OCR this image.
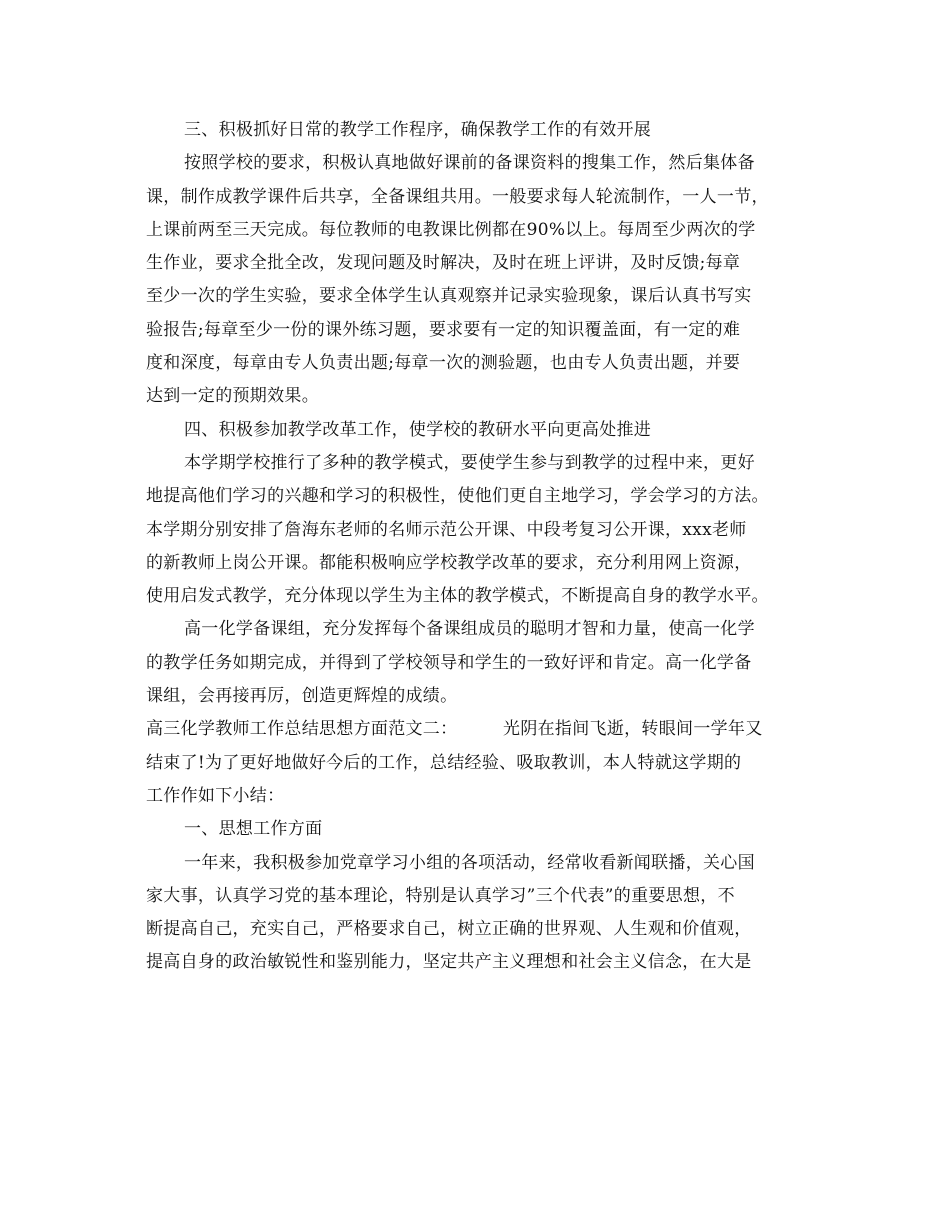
三、积极抓好日常的教学工作程序，确保教学工作的有效开展
按照学校的要求，积极认真地做好课前的备课资料的搜集工作，然后集体备
课，制作成教学课件后共享，全备课组共用。一般要求每人轮流制作，一人一节，
上课前两至三天完成。每位教师的电教课比例都在90%以上。每周至少两次的学
生作业，要求全批全改，发现问题及时解决，及时在班上评讲，及时反馈;每章
至少一次的学生实验，要求全体学生认真观察并记录实验现象，课后认真书写实
验报告;每章至少一份的课外练习题，要求要有一定的知识覆盖面，有一定的难
度和深度，每章由专人负责出题;每章一次的测验题，也由专人负责出题，并要
达到一定的预期效果。
四、积极参加教学改革工作，使学校的教研水平向更高处推进
本学期学校推行了多种的教学模式，要使学生参与到教学的过程中来，更好
地提高他们学习的兴趣和学习的积极性，使他们更自主地学习，学会学习的方法。
本学期分别安排了詹海东老师的名师示范公开课、中段考复习公开课，xxx老师
的新教师上岗公开课。都能积极响应学校教学改革的要求，充分利用网上资源，
使用启发式教学，充分体现以学生为主体的教学模式，不断提高自身的教学水平。
高一化学备课组，充分发挥每个备课组成员的聪明才智和力量，使高一化学
的教学任务如期完成，并得到了学校领导和学生的一致好评和肯定。高一化学备
课组，会再接再厉，创造更辉煌的成绩。
高三化学教师工作总结思想方面范文二：        光阴在指间飞逝，转眼间一学年又
结束了!为了更好地做好今后的工作，总结经验、吸取教训，本人特就这学期的
工作作如下小结：
一、思想工作方面
一年来，我积极参加党章学习小组的各项活动，经常收看新闻联播，关心国
家大事，认真学习党的基本理论，特别是认真学习”三个代表”的重要思想，不
断提高自己，充实自己，严格要求自己，树立正确的世界观、人生观和价值观，
提高自身的政治敏锐性和鉴别能力，坚定共产主义理想和社会主义信念，在大是
